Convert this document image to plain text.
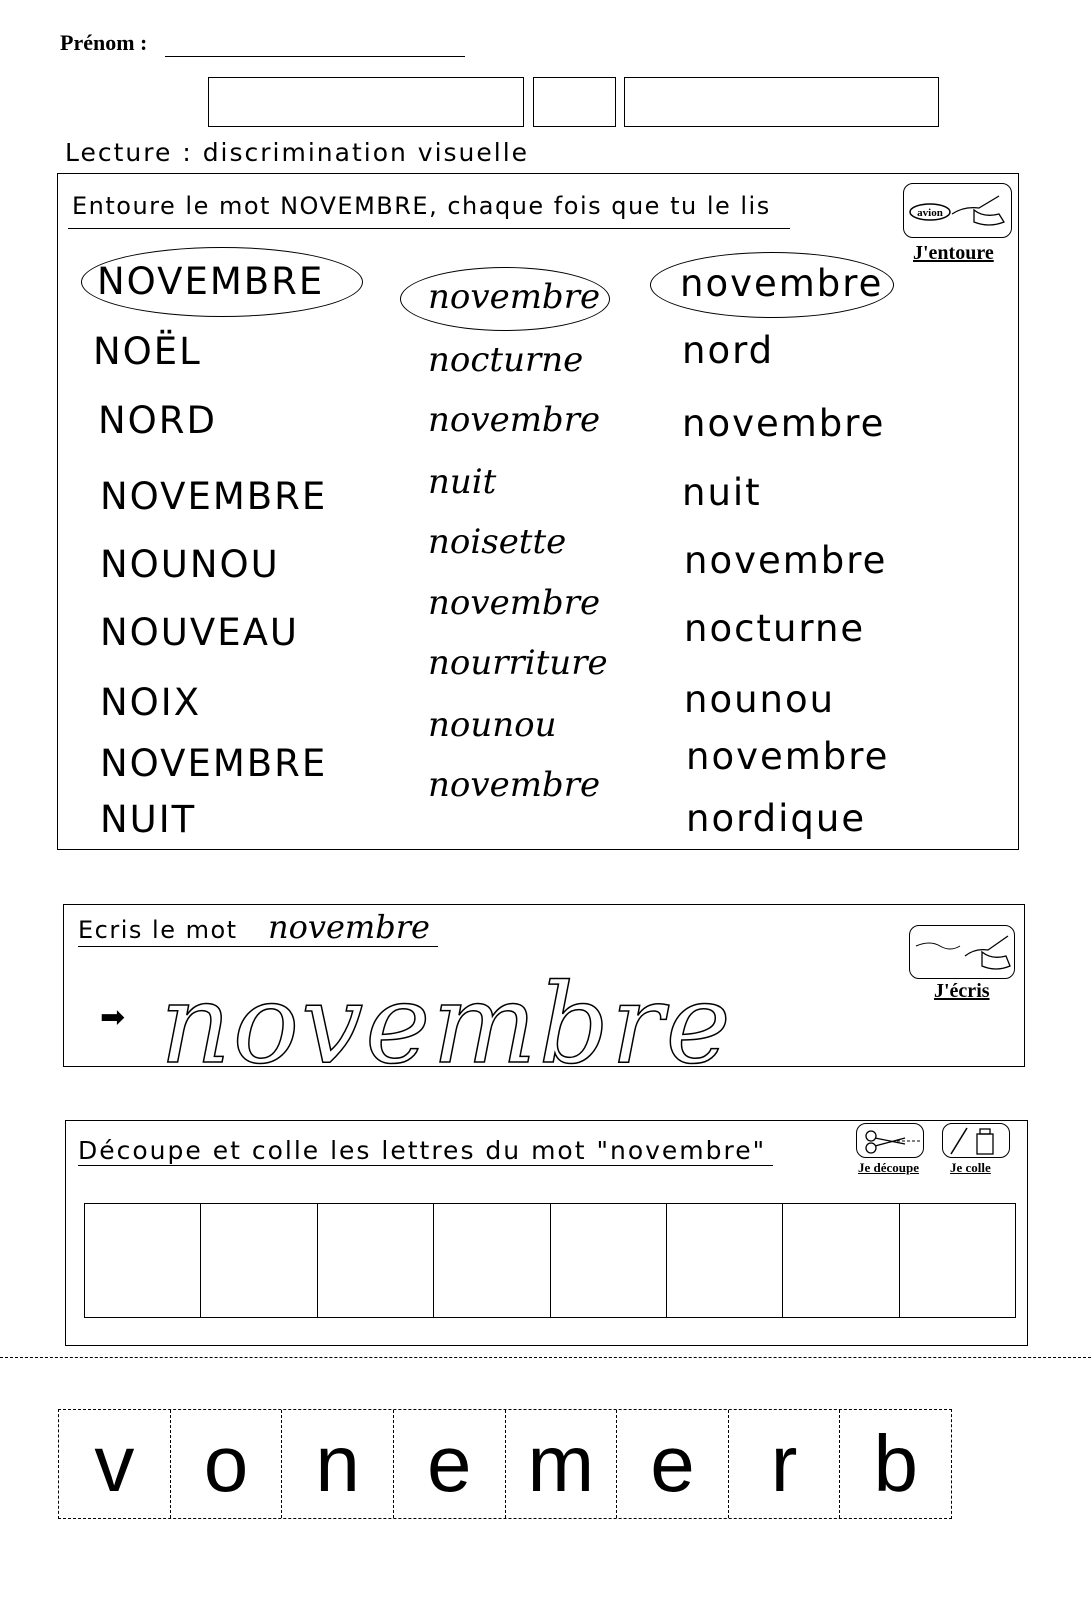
Prénom :
Lecture : discrimination visuelle
Entoure le mot NOVEMBRE, chaque fois que tu le lis	avion
J'entoure
NOVEMBRE
NOËL
NORD
NOVEMBRE
NOUNOU
NOUVEAU
NOIX
NOVEMBRE
NUIT
novembre
nocturne
novembre
nuit
noisette
novembre
nourriture
nounou
novembre
novembre
nord
novembre
nuit
novembre
nocturne
nounou
novembre
nordique
Ecris le mot novembre
➡ novembre	J'écris
Découpe et colle les lettres du mot "novembre"
Je découpe Je colle
v o n e m e r b
